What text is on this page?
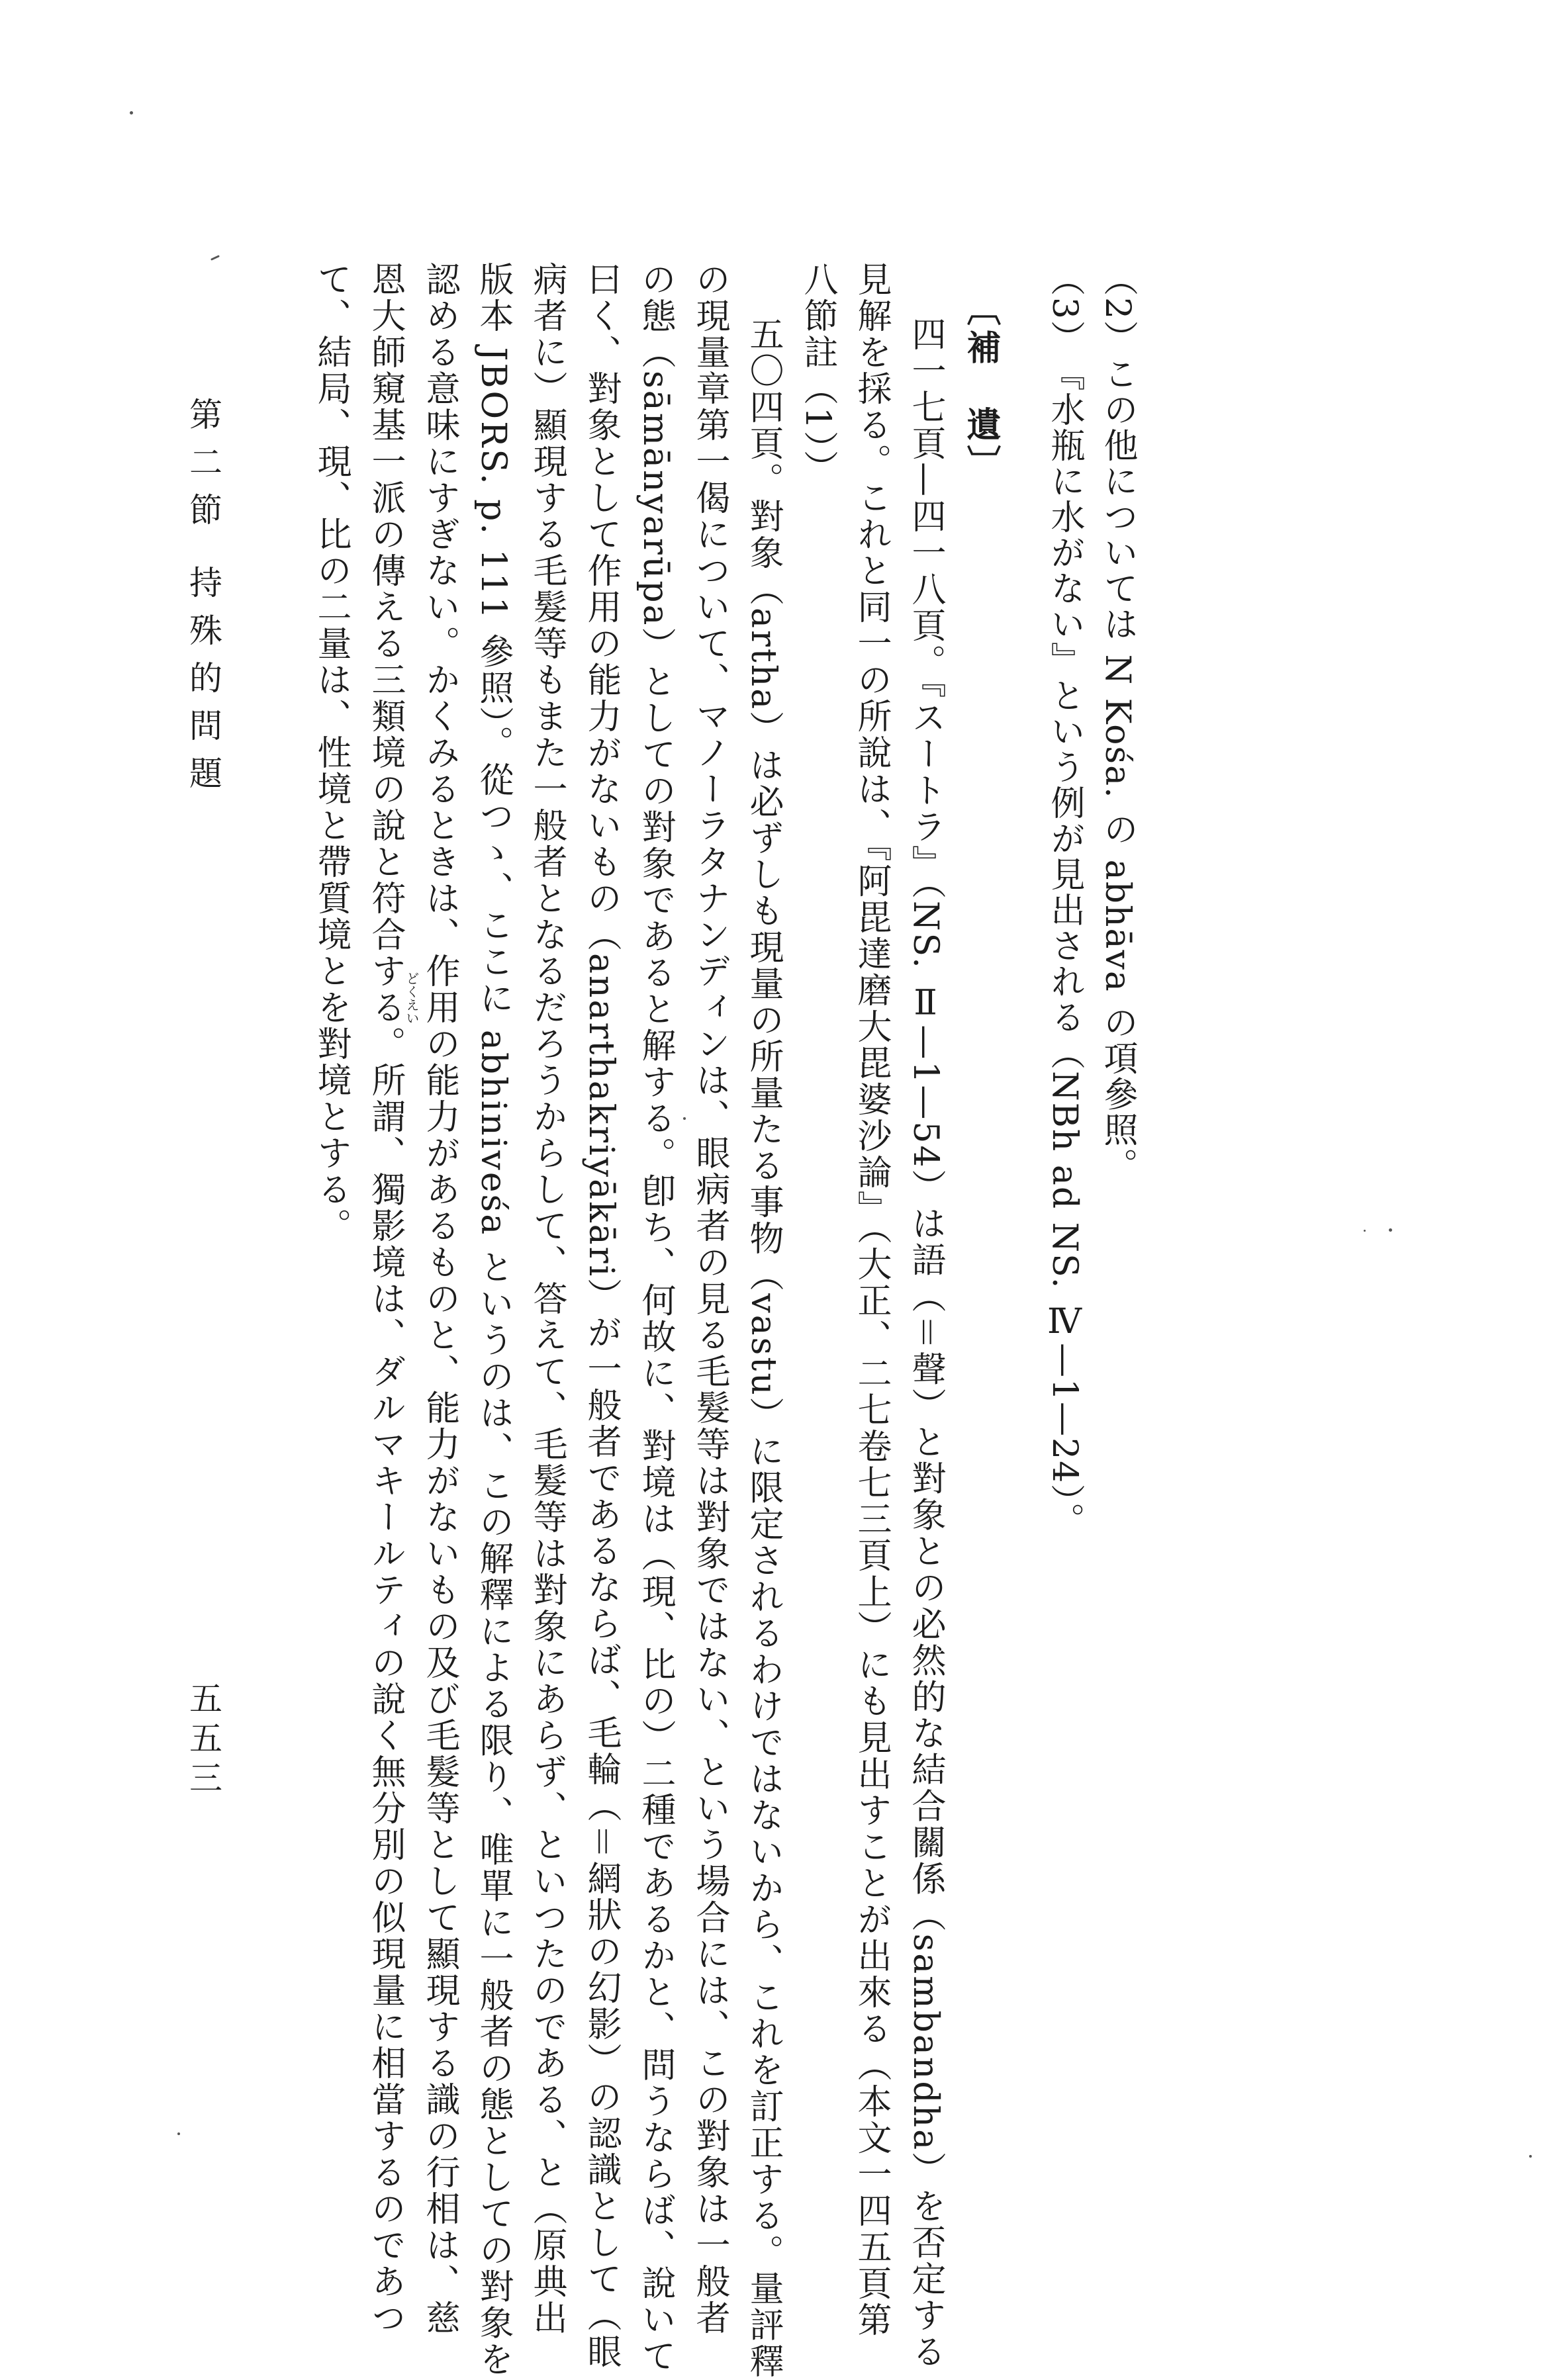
（2）この他については N Kośa. の abhāva の項參照。
（3）『水瓶に水がない』という例が見出される（NBh ad NS. Ⅳ—1—24）。
〔補　遺〕
四一七頁—四一八頁。『スートラ』（NS. Ⅱ—1—54）は語（＝聲）と對象との必然的な結合關係（sambandha）を否定する
見解を採る。これと同一の所說は、『阿毘達磨大毘婆沙論』（大正、二七卷七三頁上）にも見出すことが出來る（本文一四五頁第
八節註（1））
五〇四頁。對象（artha）は必ずしも現量の所量たる事物（vastu）に限定されるわけではないから、これを訂正する。量評釋
の現量章第一偈について、マノーラタナンディンは、眼病者の見る毛髮等は對象ではない、という場合には、この對象は一般者
の態（sāmānyarūpa）としての對象であると解する。卽ち、何故に、對境は（現、比の）二種であるかと、問うならば、說いて
曰く、對象として作用の能力がないもの（anarthakriyākāri）が一般者であるならば、毛輪（＝網狀の幻影）の認識として（眼
病者に）顯現する毛髮等もまた一般者となるだろうからして、答えて、毛髮等は對象にあらず、といつたのである、と（原典出
版本 JBORS. p. 111 參照）。從つゝ、ここに abhiniveśa というのは、この解釋による限り、唯單に一般者の態としての對象を
認める意味にすぎない。かくみるときは、作用の能力があるものと、能力がないもの及び毛髮等として顯現する識の行相は、慈
恩大師窺基一派の傳える三類境の說と符合する。所謂、獨影境は、ダルマキールティの說く無分別の似現量に相當するのであつ
て、結局、現、比の二量は、性境と帶質境とを對境とする。	どくえい
第二節 持殊的問題
五五三
